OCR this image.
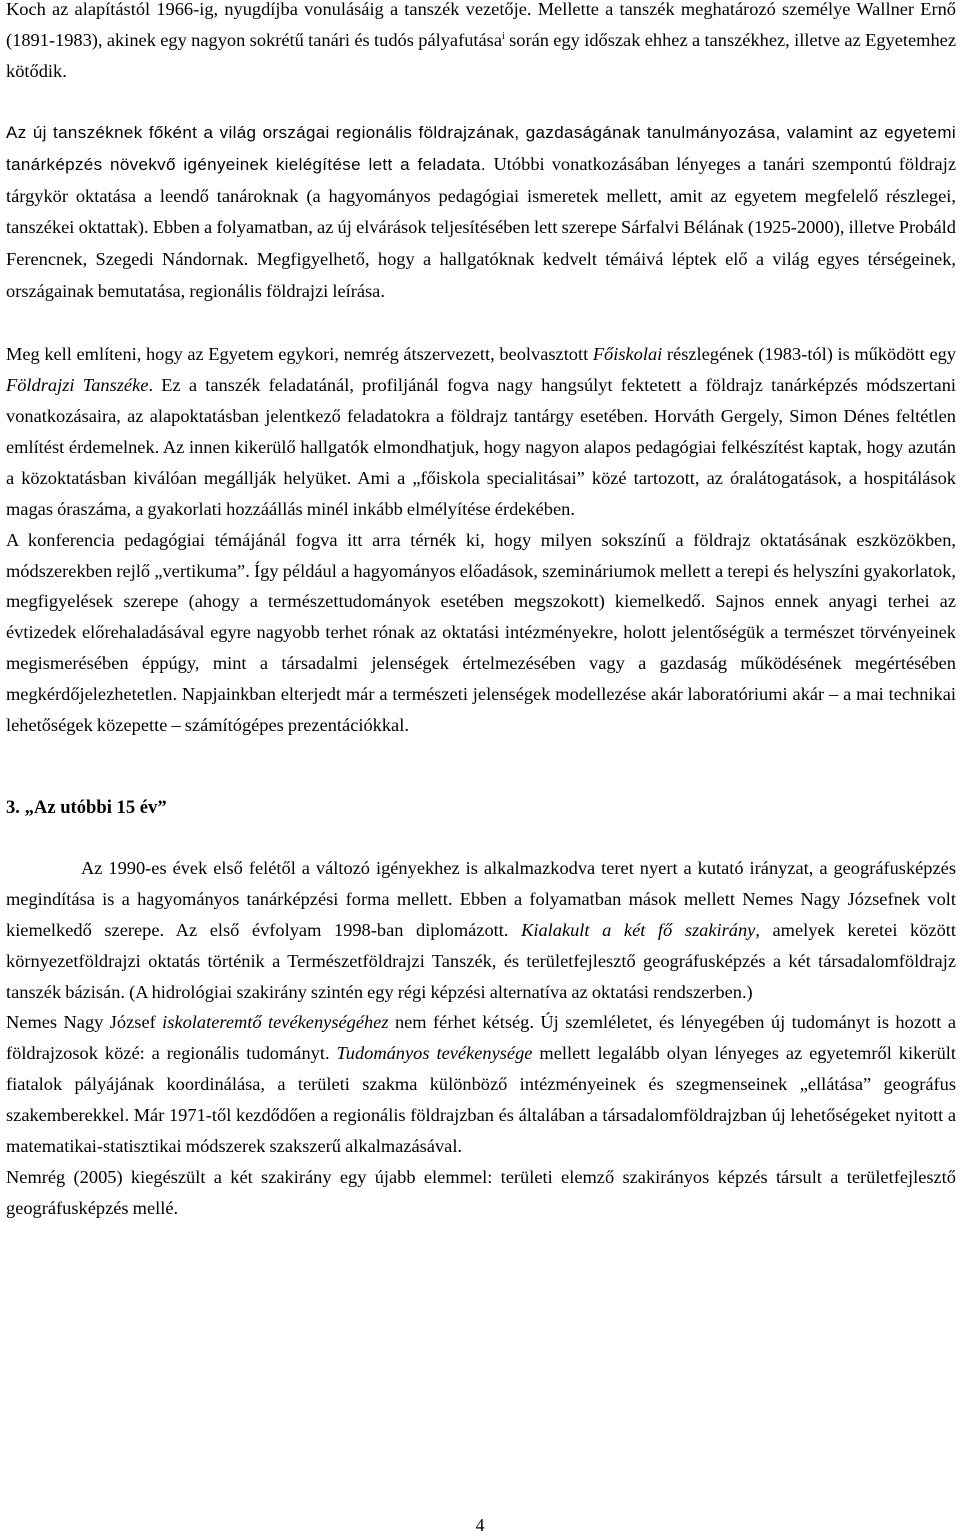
Koch az alapítástól 1966-ig, nyugdíjba vonulásáig a tanszék vezetője. Mellette a tanszék meghatározó személye Wallner Ernő (1891-1983), akinek egy nagyon sokrétű tanári és tudós pályafutása$^i$ során egy időszak ehhez a tanszékhez, illetve az Egyetemhez kötődik.

Az új tanszéknek főként a világ országai regionális földrajzának, gazdaságának tanulmányozása, valamint az egyetemi tanárképzés növekvő igényeinek kielégítése lett a feladata. Utóbbi vonatkozásában lényeges a tanári szempontú földrajz tárgykör oktatása a leendő tanároknak (a hagyományos pedagógiai ismeretek mellett, amit az egyetem megfelelő részlegei, tanszékei oktattak). Ebben a folyamatban, az új elvárások teljesítésében lett szerepe Sárfalvi Bélának (1925-2000), illetve Probáld Ferencnek, Szegedi Nándornak. Megfigyelhető, hogy a hallgatóknak kedvelt témáivá léptek elő a világ egyes térségeinek, országainak bemutatása, regionális földrajzi leírása.

Meg kell említeni, hogy az Egyetem egykori, nemrég átszervezett, beolvasztott Főiskolai részlegének (1983-tól) is működött egy Földrajzi Tanszéke. Ez a tanszék feladatánál, profiljánál fogva nagy hangsúlyt fektetett a földrajz tanárképzés módszertani vonatkozásaira, az alapoktatásban jelentkező feladatokra a földrajz tantárgy esetében. Horváth Gergely, Simon Dénes feltétlen említést érdemelnek. Az innen kikerülő hallgatók elmondhatjuk, hogy nagyon alapos pedagógiai felkészítést kaptak, hogy azután a közoktatásban kiválóan megállják helyüket. Ami a „főiskola specialitásai” közé tartozott, az óralátogatások, a hospitálások magas óraszáma, a gyakorlati hozzáállás minél inkább elmélyítése érdekében.

A konferencia pedagógiai témájánál fogva itt arra térnék ki, hogy milyen sokszínű a földrajz oktatásának eszközökben, módszerekben rejlő „vertikuma”. Így például a hagyományos előadások, szemináriumok mellett a terepi és helyszíni gyakorlatok, megfigyelések szerepe (ahogy a természettudományok esetében megszokott) kiemelkedő. Sajnos ennek anyagi terhei az évtizedek előrehaladásával egyre nagyobb terhet rónak az oktatási intézményekre, holott jelentőségük a természet törvényeinek megismerésében éppúgy, mint a társadalmi jelenségek értelmezésében vagy a gazdaság működésének megértésében megkérdőjelezhetetlen. Napjainkban elterjedt már a természeti jelenségek modellezése akár laboratóriumi akár – a mai technikai lehetőségek közepette – számítógépes prezentációkkal.

3. „Az utóbbi 15 év”

Az 1990-es évek első felétől a változó igényekhez is alkalmazkodva teret nyert a kutató irányzat, a geográfusképzés megindítása is a hagyományos tanárképzési forma mellett. Ebben a folyamatban mások mellett Nemes Nagy Józsefnek volt kiemelkedő szerepe. Az első évfolyam 1998-ban diplomázott. Kialakult a két fő szakirány, amelyek keretei között környezetföldrajzi oktatás történik a Természetföldrajzi Tanszék, és területfejlesztő geográfusképzés a két társadalomföldrajz tanszék bázisán. (A hidrológiai szakirány szintén egy régi képzési alternatíva az oktatási rendszerben.)

Nemes Nagy József iskolateremtő tevékenységéhez nem férhet kétség. Új szemléletet, és lényegében új tudományt is hozott a földrajzosok közé: a regionális tudományt. Tudományos tevékenysége mellett legalább olyan lényeges az egyetemről kikerült fiatalok pályájának koordinálása, a területi szakma különböző intézményeinek és szegmenseinek „ellátása” geográfus szakemberekkel. Már 1971-től kezdődően a regionális földrajzban és általában a társadalomföldrajzban új lehetőségeket nyitott a matematikai-statisztikai módszerek szakszerű alkalmazásával.

Nemrég (2005) kiegészült a két szakirány egy újabb elemmel: területi elemző szakirányos képzés társult a területfejlesztő geográfusképzés mellé.

4
